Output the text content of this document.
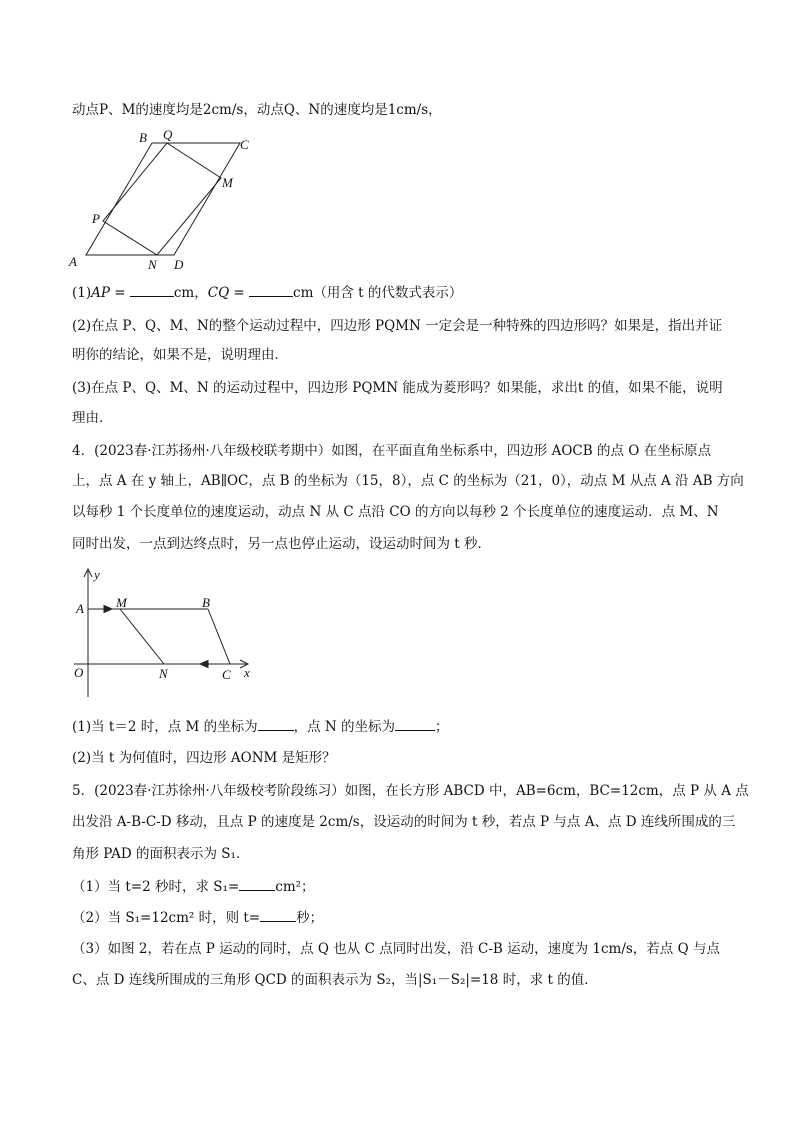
动点P、M的速度均是2cm/s，动点Q、N的速度均是1cm/s，
A
B	C
D
P
Q
M
N
(1)AP =	cm，CQ =	cm（用含 t 的代数式表示）
(2)在点 P、Q、M、N的整个运动过程中，四边形 PQMN 一定会是一种特殊的四边形吗？如果是，指出并证
明你的结论，如果不是，说明理由．
(3)在点 P、Q、M、N 的运动过程中，四边形 PQMN 能成为菱形吗？如果能，求出t 的值，如果不能，说明
理由．
4．(2023春·江苏扬州·八年级校联考期中）如图，在平面直角坐标系中，四边形 AOCB 的点 O 在坐标原点
上，点 A 在 y 轴上，AB∥OC，点 B 的坐标为（15，8），点 C 的坐标为（21，0），动点 M 从点 A 沿 AB 方向
以每秒 1 个长度单位的速度运动，动点 N 从 C 点沿 CO 的方向以每秒 2 个长度单位的速度运动．点 M、N
同时出发，一点到达终点时，另一点也停止运动，设运动时间为 t 秒．
y
x
A M	B
O	N	C
(1)当 t＝2 时，点 M 的坐标为	，点 N 的坐标为	；
(2)当 t 为何值时，四边形 AONM 是矩形？
5．(2023春·江苏徐州·八年级校考阶段练习）如图，在长方形 ABCD 中，AB=6cm，BC=12cm，点 P 从 A 点
出发沿 A-B-C-D 移动，且点 P 的速度是 2cm/s，设运动的时间为 t 秒，若点 P 与点 A、点 D 连线所围成的三
角形 PAD 的面积表示为 S₁．
（1）当 t=2 秒时，求 S₁=	cm²；
（2）当 S₁=12cm² 时，则 t=	秒；
（3）如图 2，若在点 P 运动的同时，点 Q 也从 C 点同时出发，沿 C-B 运动，速度为 1cm/s，若点 Q 与点
C、点 D 连线所围成的三角形 QCD 的面积表示为 S₂，当|S₁－S₂|=18 时，求 t 的值．
